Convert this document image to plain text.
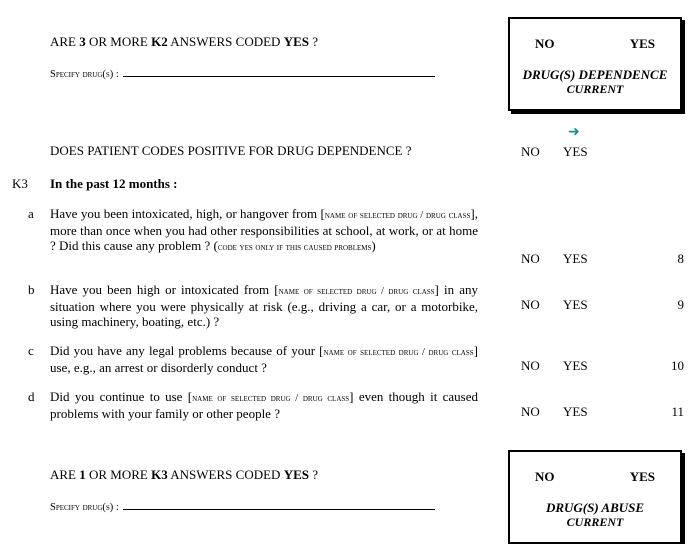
ARE 3 OR MORE K2 ANSWERS CODED YES ?
Specify drug(s) :
NO	YES
DRUG(S) DEPENDENCE
CURRENT
DOES PATIENT CODES POSITIVE FOR DRUG DEPENDENCE ?
➜
NO YES
K3 In the past 12 months :
a Have you been intoxicated, high, or hangover from [name of selected drug / drug class], more than once when you had other responsibilities at school, at work, or at home ? Did this cause any problem ? (code yes only if this caused problems)
NO YES	8
b Have you been high or intoxicated from [name of selected drug / drug class] in any situation where you were physically at risk (e.g., driving a car, or a motorbike, using machinery, boating, etc.) ?
NO YES	9
c Did you have any legal problems because of your [name of selected drug / drug class] use, e.g., an arrest or disorderly conduct ?	NO YES	10
d Did you continue to use [name of selected drug / drug class] even though it caused problems with your family or other people ?	NO YES	11
ARE 1 OR MORE K3 ANSWERS CODED YES ?
Specify drug(s) :
NO	YES
DRUG(S) ABUSE
CURRENT
